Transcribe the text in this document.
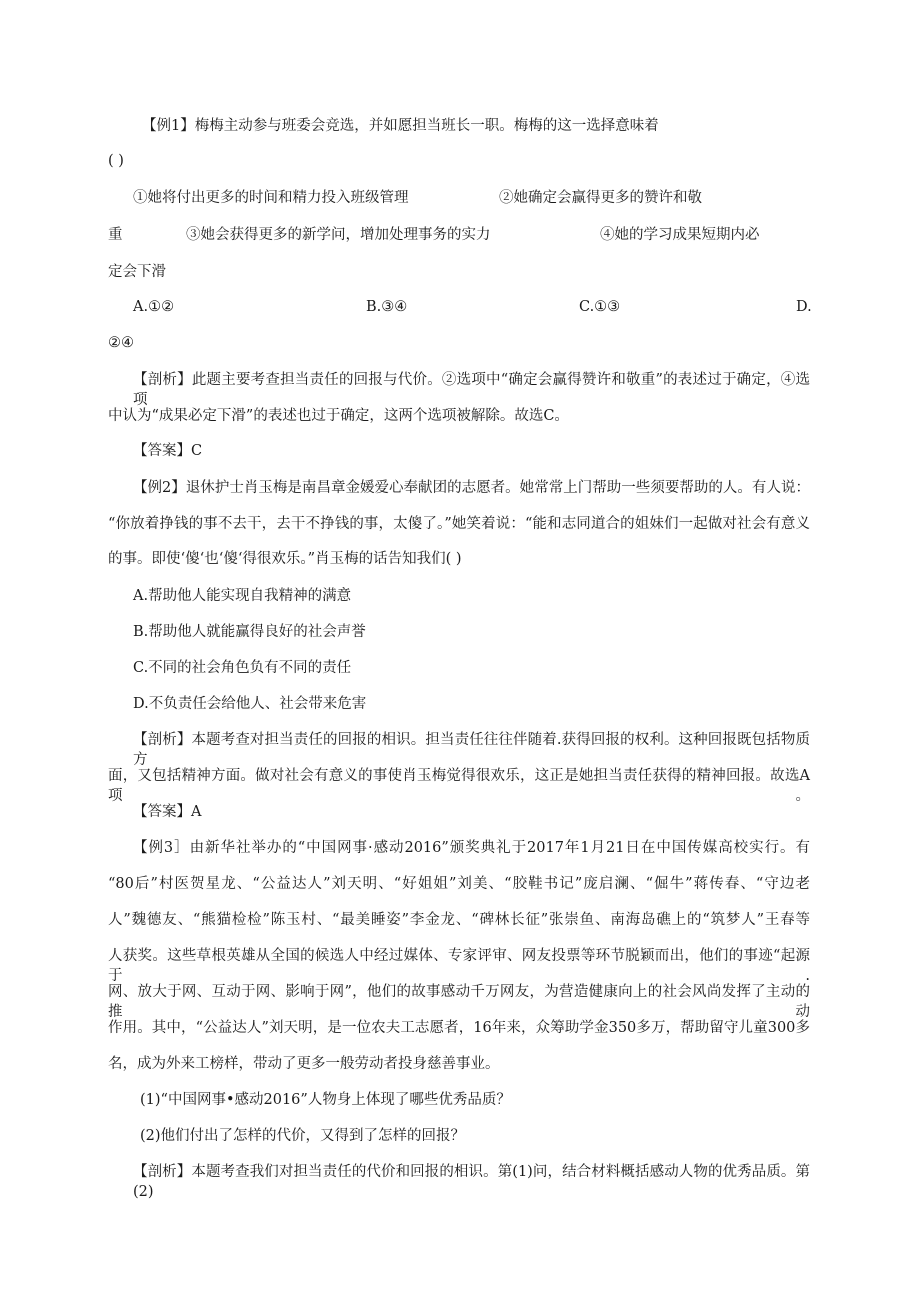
【例1】梅梅主动参与班委会竞选，并如愿担当班长一职。梅梅的这一选择意味着
( )
①她将付出更多的时间和精力投入班级管理	②她确定会赢得更多的赞许和敬
重	③她会获得更多的新学问，增加处理事务的实力	④她的学习成果短期内必
定会下滑
A.①②	B.③④	C.①③	D.
②④
【剖析】此题主要考查担当责任的回报与代价。②选项中“确定会赢得赞许和敬重”的表述过于确定，④选项
中认为“成果必定下滑”的表述也过于确定，这两个选项被解除。故选C。
【答案】C
【例2】退休护士肖玉梅是南昌章金媛爱心奉献团的志愿者。她常常上门帮助一些须要帮助的人。有人说：
“你放着挣钱的事不去干，去干不挣钱的事，太傻了。”她笑着说：“能和志同道合的姐妹们一起做对社会有意义
的事。即使‘傻‘也‘傻‘得很欢乐。”肖玉梅的话告知我们( )
A.帮助他人能实现自我精神的满意
B.帮助他人就能赢得良好的社会声誉
C.不同的社会角色负有不同的责任
D.不负责任会给他人、社会带来危害
【剖析】本题考查对担当责任的回报的相识。担当责任往往伴随着.获得回报的权利。这种回报既包括物质方
面，又包括精神方面。做对社会有意义的事使肖玉梅觉得很欢乐，这正是她担当责任获得的精神回报。故选A项。
【答案】A
【例3］由新华社举办的“中国网事·感动2016”颁奖典礼于2017年1月21日在中国传媒高校实行。有
“80后”村医贺星龙、“公益达人”刘天明、“好姐姐”刘美、“胶鞋书记”庞启澜、“倔牛”蒋传春、“守边老
人”魏德友、“熊猫检检”陈玉村、“最美睡姿”李金龙、“碑林长征”张崇鱼、南海岛礁上的“筑梦人”王春等
人获奖。这些草根英雄从全国的候选人中经过媒体、专家评审、网友投票等环节脱颖而出，他们的事迹“起源于.
网、放大于网、互动于网、影响于网”，他们的故事感动千万网友，为营造健康向上的社会风尚发挥了主动的推动
作用。其中，“公益达人”刘天明，是一位农夫工志愿者，16年来，众筹助学金350多万，帮助留守儿童300多
名，成为外来工榜样，带动了更多一般劳动者投身慈善事业。
(1)“中国网事•感动2016”人物身上体现了哪些优秀品质？
(2)他们付出了怎样的代价，又得到了怎样的回报？
【剖析】本题考查我们对担当责任的代价和回报的相识。第(1)问，结合材料概括感动人物的优秀品质。第(2)
